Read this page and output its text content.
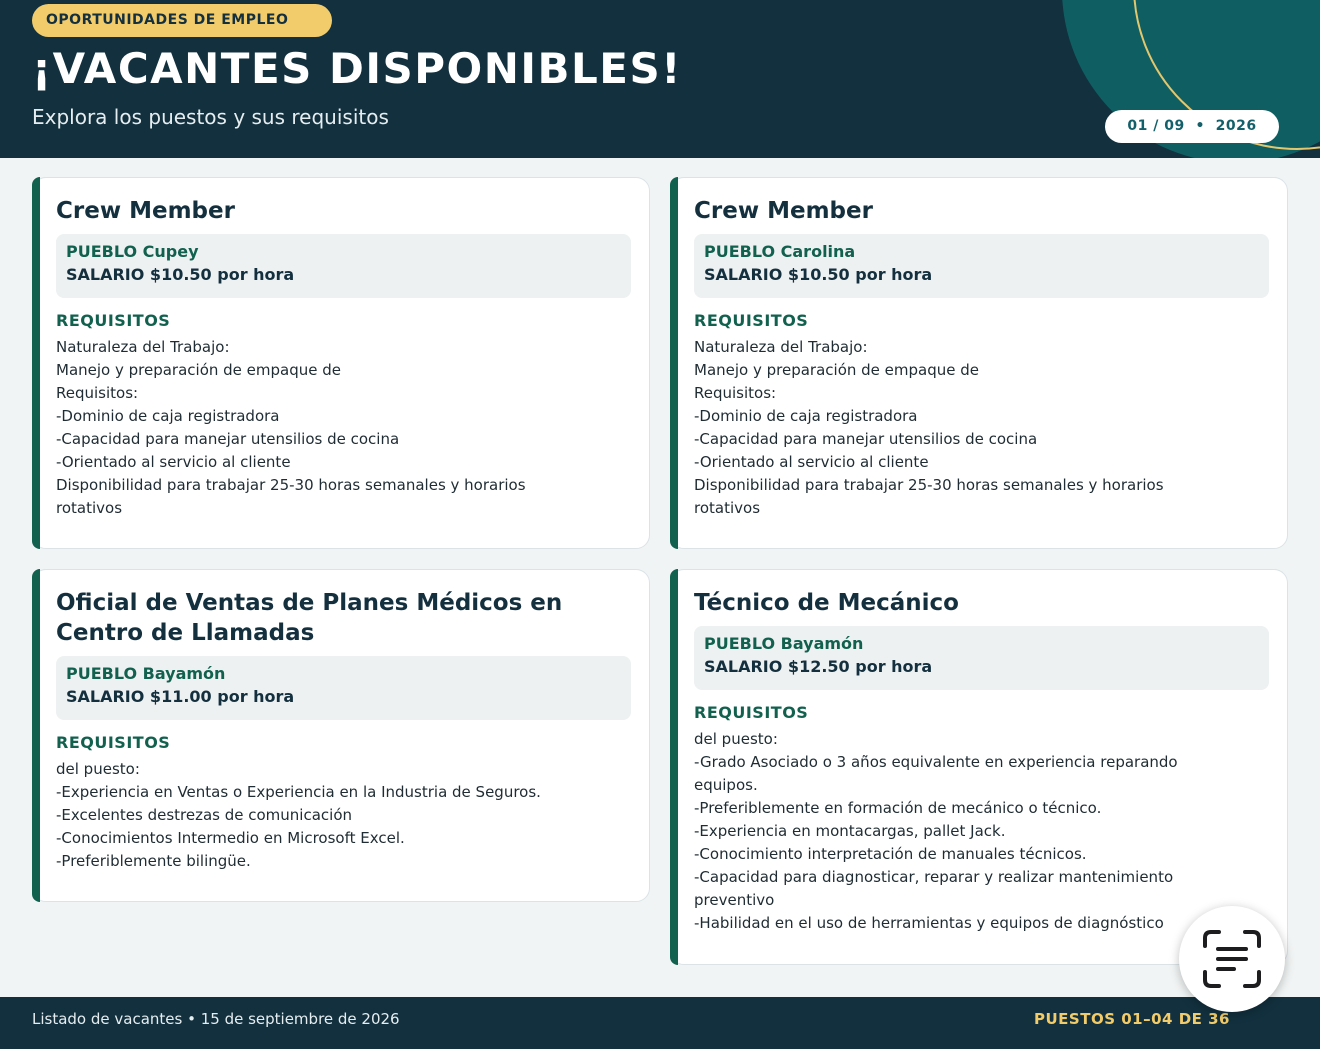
OPORTUNIDADES DE EMPLEO
¡VACANTES DISPONIBLES!
Explora los puestos y sus requisitos	01 / 09  •  2026
Crew Member
PUEBLO Cupey
SALARIO $10.50 por hora
REQUISITOS
Naturaleza del Trabajo:
Manejo y preparación de empaque de
Requisitos:
-Dominio de caja registradora
-Capacidad para manejar utensilios de cocina
-Orientado al servicio al cliente
Disponibilidad para trabajar 25-30 horas semanales y horarios
rotativos
Crew Member
PUEBLO Carolina
SALARIO $10.50 por hora
REQUISITOS
Naturaleza del Trabajo:
Manejo y preparación de empaque de
Requisitos:
-Dominio de caja registradora
-Capacidad para manejar utensilios de cocina
-Orientado al servicio al cliente
Disponibilidad para trabajar 25-30 horas semanales y horarios
rotativos
Oficial de Ventas de Planes Médicos en
Centro de Llamadas
PUEBLO Bayamón
SALARIO $11.00 por hora
REQUISITOS
del puesto:
-Experiencia en Ventas o Experiencia en la Industria de Seguros.
-Excelentes destrezas de comunicación
-Conocimientos Intermedio en Microsoft Excel.
-Preferiblemente bilingüe.
Técnico de Mecánico
PUEBLO Bayamón
SALARIO $12.50 por hora
REQUISITOS
del puesto:
-Grado Asociado o 3 años equivalente en experiencia reparando
equipos.
-Preferiblemente en formación de mecánico o técnico.
-Experiencia en montacargas, pallet Jack.
-Conocimiento interpretación de manuales técnicos.
-Capacidad para diagnosticar, reparar y realizar mantenimiento
preventivo
-Habilidad en el uso de herramientas y equipos de diagnóstico
Listado de vacantes • 15 de septiembre de 2026	PUESTOS 01–04 DE 36
